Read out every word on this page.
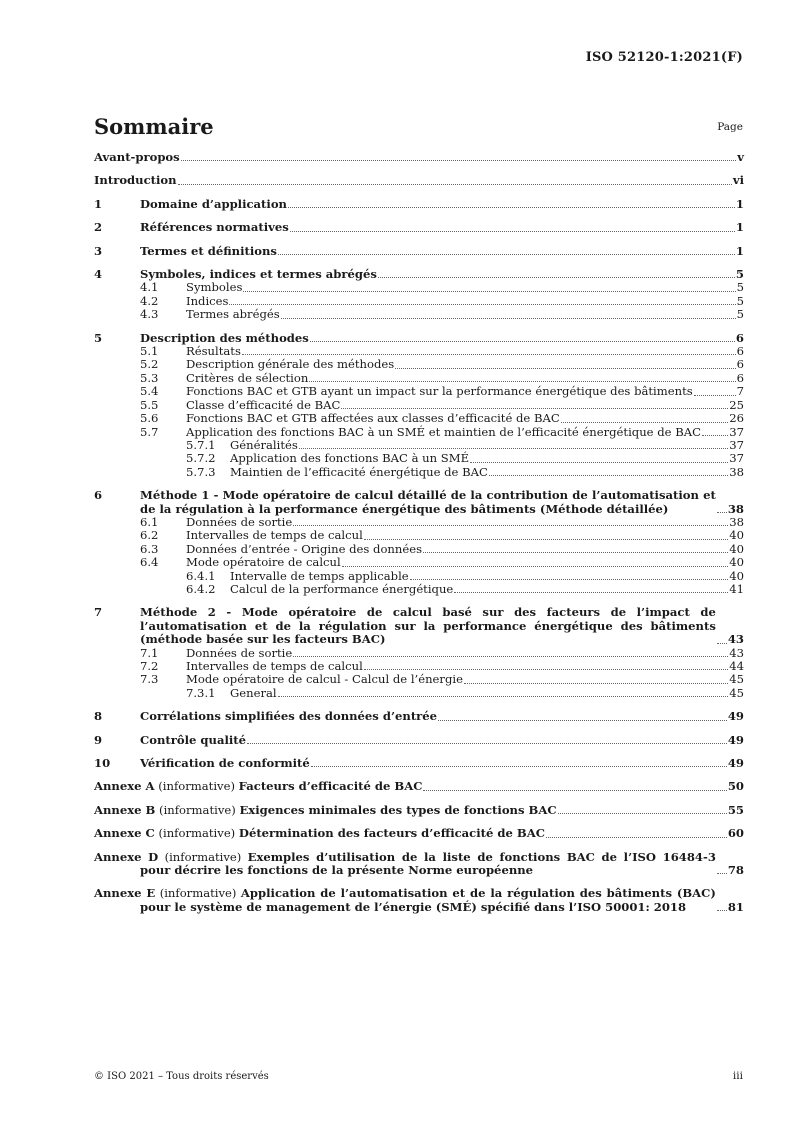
ISO 52120-1:2021(F)
Sommaire	Page
Avant-propos	v
Introduction	vi
1	Domaine d’application	1
2	Références normatives	1
3	Termes et définitions	1
4	Symboles, indices et termes abrégés	5
4.1 Symboles	5
4.2 Indices	5
4.3 Termes abrégés	5
5	Description des méthodes	6
5.1 Résultats	6
5.2 Description générale des méthodes	6
5.3 Critères de sélection	6
5.4 Fonctions BAC et GTB ayant un impact sur la performance énergétique des bâtiments	7
5.5 Classe d’efficacité de BAC	25
5.6 Fonctions BAC et GTB affectées aux classes d’efficacité de BAC	26
5.7 Application des fonctions BAC à un SMÉ et maintien de l’efficacité énergétique de BAC 37
5.7.1 Généralités	37
5.7.2 Application des fonctions BAC à un SMÉ	37
5.7.3 Maintien de l’efficacité énergétique de BAC	38
6	Méthode 1 - Mode opératoire de calcul détaillé de la contribution de l’automatisation et de la régulation à la performance énergétique des bâtiments (Méthode détaillée)	38
6.1 Données de sortie	38
6.2 Intervalles de temps de calcul	40
6.3 Données d’entrée - Origine des données	40
6.4 Mode opératoire de calcul	40
6.4.1 Intervalle de temps applicable	40
6.4.2 Calcul de la performance énergétique	41
7	Méthode 2 - Mode opératoire de calcul basé sur des facteurs de l’impact de l’automatisation et de la régulation sur la performance énergétique des bâtiments (méthode basée sur les facteurs BAC)	43
7.1 Données de sortie	43
7.2 Intervalles de temps de calcul	44
7.3 Mode opératoire de calcul - Calcul de l’énergie	45
7.3.1 General	45
8	Corrélations simplifiées des données d’entrée	49
9	Contrôle qualité	49
10	Vérification de conformité	49
Annexe A (informative) Facteurs d’efficacité de BAC	50
Annexe B (informative) Exigences minimales des types de fonctions BAC	55
Annexe C (informative) Détermination des facteurs d’efficacité de BAC	60
Annexe D (informative) Exemples d’utilisation de la liste de fonctions BAC de l’ISO 16484-3 pour décrire les fonctions de la présente Norme européenne	78
Annexe E (informative) Application de l’automatisation et de la régulation des bâtiments (BAC) pour le système de management de l’énergie (SMÉ) spécifié dans l’ISO 50001: 2018	81
© ISO 2021 – Tous droits réservés	iii
